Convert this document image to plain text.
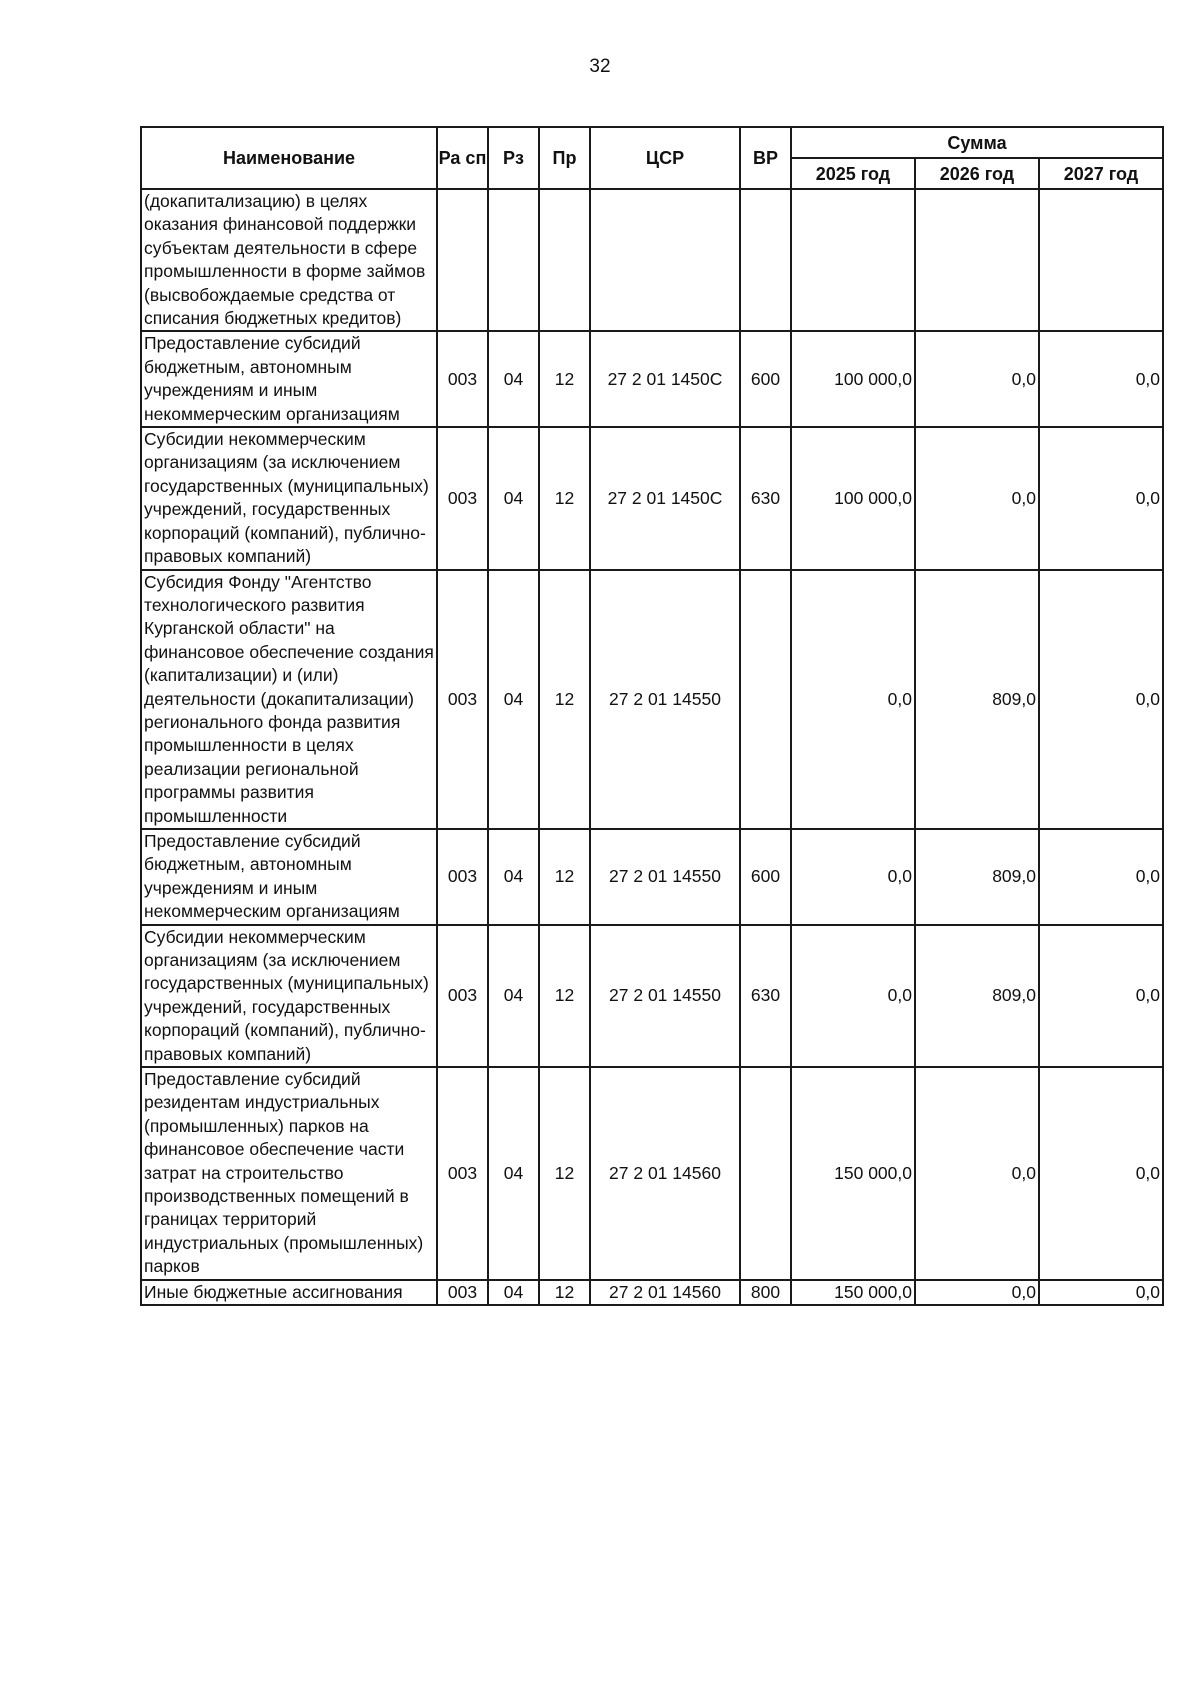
32
Наименование	Ра сп	Рз	Пр	ЦСР	ВР	Сумма		
						2025 год	2026 год	2027 год
(докапитализацию) в целях оказания финансовой поддержки субъектам деятельности в сфере промышленности в форме займов (высвобождаемые средства от списания бюджетных кредитов)								
Предоставление субсидий бюджетным, автономным учреждениям и иным некоммерческим организациям	003	04	12	27 2 01 1450С	600	100 000,0	0,0	0,0
Субсидии некоммерческим организациям (за исключением государственных (муниципальных) учреждений, государственных корпораций (компаний), публично-правовых компаний)	003	04	12	27 2 01 1450С	630	100 000,0	0,0	0,0
Субсидия Фонду "Агентство технологического развития Курганской области" на финансовое обеспечение создания (капитализации) и (или) деятельности (докапитализации) регионального фонда развития промышленности в целях реализации региональной программы развития промышленности	003	04	12	27 2 01 14550		0,0	809,0	0,0
Предоставление субсидий бюджетным, автономным учреждениям и иным некоммерческим организациям	003	04	12	27 2 01 14550	600	0,0	809,0	0,0
Субсидии некоммерческим организациям (за исключением государственных (муниципальных) учреждений, государственных корпораций (компаний), публично-правовых компаний)	003	04	12	27 2 01 14550	630	0,0	809,0	0,0
Предоставление субсидий резидентам индустриальных (промышленных) парков на финансовое обеспечение части затрат на строительство производственных помещений в границах территорий индустриальных (промышленных) парков	003	04	12	27 2 01 14560		150 000,0	0,0	0,0
Иные бюджетные ассигнования	003	04	12	27 2 01 14560	800	150 000,0	0,0	0,0
